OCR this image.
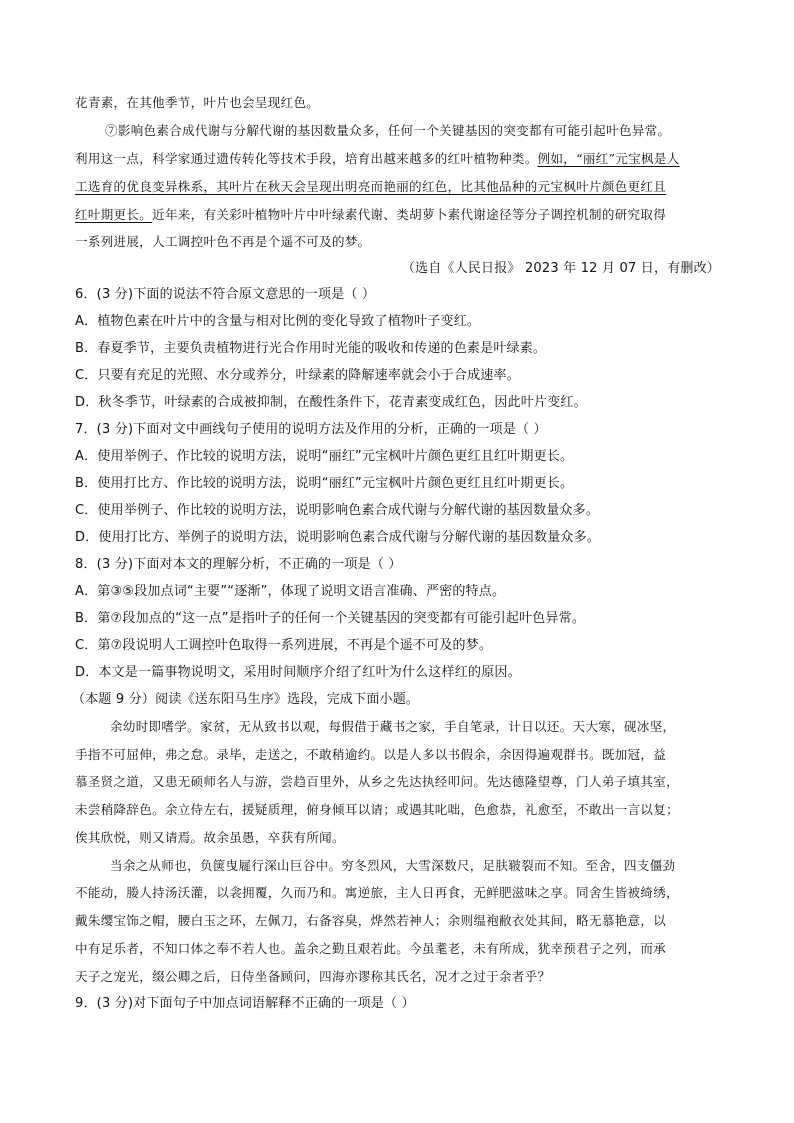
花青素，在其他季节，叶片也会呈现红色。
⑦影响色素合成代谢与分解代谢的基因数量众多，任何一个关键基因的突变都有可能引起叶色异常。
利用这一点，科学家通过遗传转化等技术手段，培育出越来越多的红叶植物种类。例如，“丽红”元宝枫是人
工选育的优良变异株系，其叶片在秋天会呈现出明亮而艳丽的红色，比其他品种的元宝枫叶片颜色更红且
红叶期更长。近年来，有关彩叶植物叶片中叶绿素代谢、类胡萝卜素代谢途径等分子调控机制的研究取得
一系列进展，人工调控叶色不再是个遥不可及的梦。
（选自《人民日报》 2023 年 12 月 07 日，有删改）
6．(3 分)下面的说法不符合原文意思的一项是（ ）
A．植物色素在叶片中的含量与相对比例的变化导致了植物叶子变红。
B．春夏季节，主要负责植物进行光合作用时光能的吸收和传递的色素是叶绿素。
C．只要有充足的光照、水分或养分，叶绿素的降解速率就会小于合成速率。
D．秋冬季节，叶绿素的合成被抑制，在酸性条件下，花青素变成红色，因此叶片变红。
7．(3 分)下面对文中画线句子使用的说明方法及作用的分析，正确的一项是（ ）
A．使用举例子、作比较的说明方法，说明“丽红”元宝枫叶片颜色更红且红叶期更长。
B．使用打比方、作比较的说明方法，说明“丽红”元宝枫叶片颜色更红且红叶期更长。
C．使用举例子、作比较的说明方法，说明影响色素合成代谢与分解代谢的基因数量众多。
D．使用打比方、举例子的说明方法，说明影响色素合成代谢与分解代谢的基因数量众多。
8．(3 分)下面对本文的理解分析，不正确的一项是（ ）
A．第③⑤段加点词“主要”“逐渐”，体现了说明文语言准确、严密的特点。
B．第⑦段加点的“这一点”是指叶子的任何一个关键基因的突变都有可能引起叶色异常。
C．第⑦段说明人工调控叶色取得一系列进展，不再是个遥不可及的梦。
D．本文是一篇事物说明文，采用时间顺序介绍了红叶为什么这样红的原因。
（本题 9 分）阅读《送东阳马生序》选段，完成下面小题。
余幼时即嗜学。家贫，无从致书以观，每假借于藏书之家，手自笔录，计日以还。天大寒，砚冰坚，
手指不可屈伸，弗之怠。录毕，走送之，不敢稍逾约。以是人多以书假余，余因得遍观群书。既加冠，益
慕圣贤之道，又患无硕师名人与游，尝趋百里外，从乡之先达执经叩问。先达德隆望尊，门人弟子填其室，
未尝稍降辞色。余立侍左右，援疑质理，俯身倾耳以请；或遇其叱咄，色愈恭，礼愈至，不敢出一言以复；
俟其欣悦，则又请焉。故余虽愚，卒获有所闻。
当余之从师也，负箧曳屣行深山巨谷中。穷冬烈风，大雪深数尺，足肤皲裂而不知。至舍，四支僵劲
不能动，媵人持汤沃灌，以衾拥覆，久而乃和。寓逆旅，主人日再食，无鲜肥滋味之享。同舍生皆被绮绣，
戴朱缨宝饰之帽，腰白玉之环，左佩刀，右备容臭，烨然若神人；余则缊袍敝衣处其间，略无慕艳意，以
中有足乐者，不知口体之奉不若人也。盖余之勤且艰若此。今虽耄老，未有所成，犹幸预君子之列，而承
天子之宠光，缀公卿之后，日侍坐备顾问，四海亦谬称其氏名，况才之过于余者乎？
9．(3 分)对下面句子中加点词语解释不正确的一项是（ ）
